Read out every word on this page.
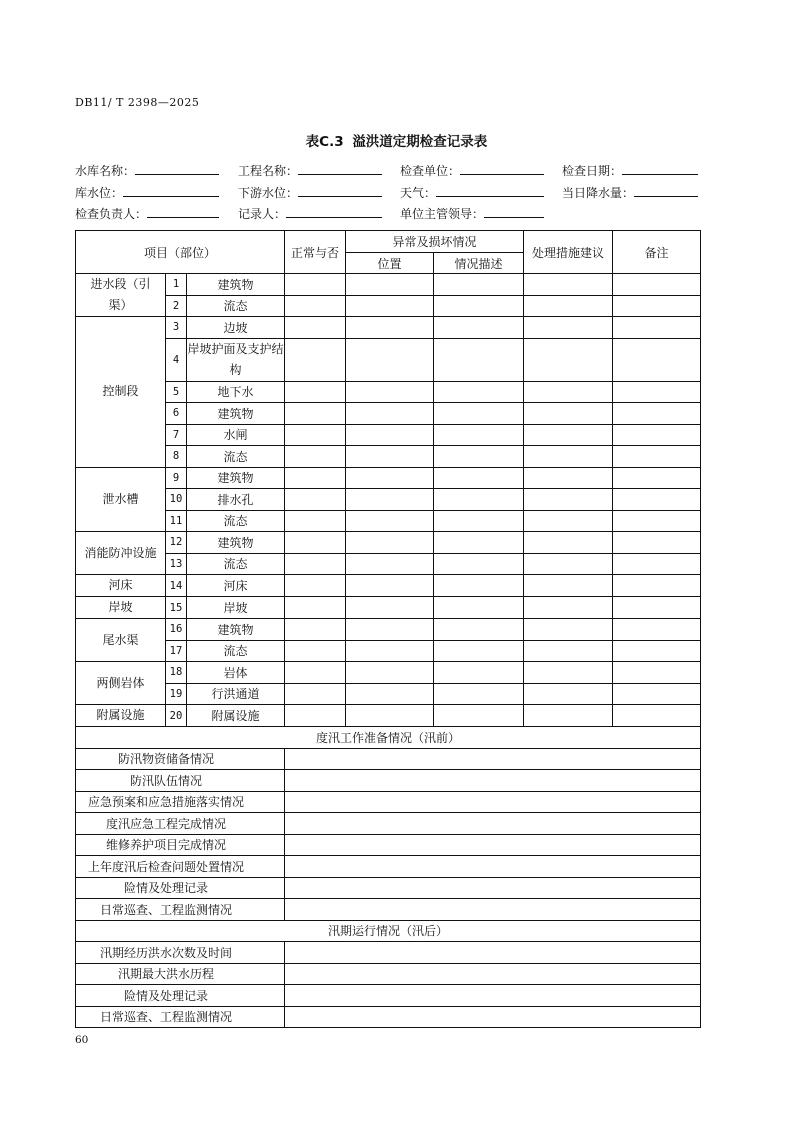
DB11/ T 2398—2025
表C.3 溢洪道定期检查记录表
水库名称：	工程名称：	检查单位：	检查日期：
库水位：	下游水位：	天气：	当日降水量：
检查负责人：	记录人：	单位主管领导：
项目（部位）			正常与否	异常及损坏情况		处理措施建议	备注
				位置	情况描述		
进水段（引渠）	1	建筑物					
	2	流态					
控制段	3	边坡					
	4	岸坡护面及支护结构					
	5	地下水					
	6	建筑物					
	7	水闸					
	8	流态					
泄水槽	9	建筑物					
	10	排水孔					
	11	流态					
消能防冲设施	12	建筑物					
	13	流态					
河床	14	河床					
岸坡	15	岸坡					
尾水渠	16	建筑物					
	17	流态					
两侧岩体	18	岩体					
	19	行洪通道					
附属设施	20	附属设施					
度汛工作准备情况（汛前）							
防汛物资储备情况							
防汛队伍情况							
应急预案和应急措施落实情况							
度汛应急工程完成情况							
维修养护项目完成情况							
上年度汛后检查问题处置情况							
险情及处理记录							
日常巡查、工程监测情况							
汛期运行情况（汛后）							
汛期经历洪水次数及时间							
汛期最大洪水历程							
险情及处理记录							
日常巡查、工程监测情况							
60
